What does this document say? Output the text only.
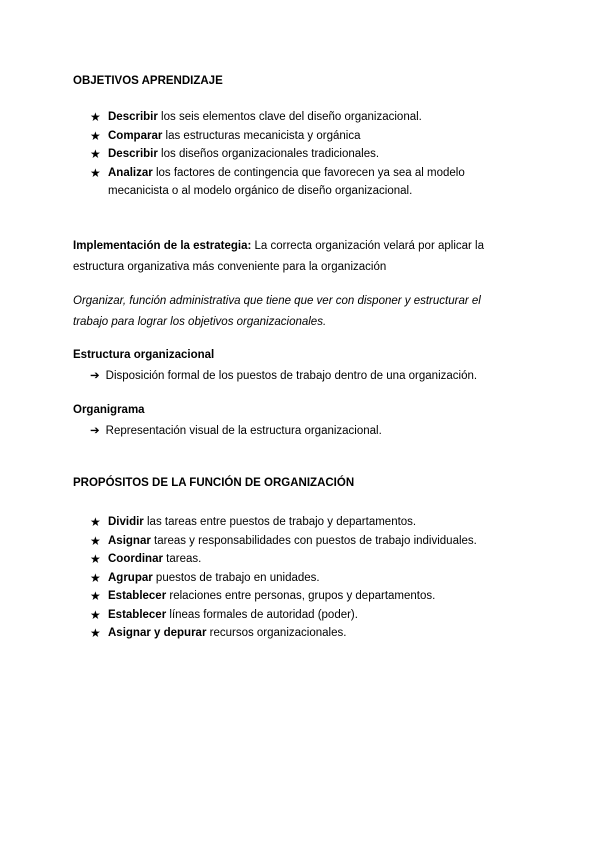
OBJETIVOS APRENDIZAJE
★ Describir los seis elementos clave del diseño organizacional.
★ Comparar las estructuras mecanicista y orgánica
★ Describir los diseños organizacionales tradicionales.
★ Analizar los factores de contingencia que favorecen ya sea al modelo mecanicista o al modelo orgánico de diseño organizacional.
Implementación de la estrategia: La correcta organización velará por aplicar la estructura organizativa más conveniente para la organización
Organizar, función administrativa que tiene que ver con disponer y estructurar el trabajo para lograr los objetivos organizacionales.
Estructura organizacional
➔ Disposición formal de los puestos de trabajo dentro de una organización.
Organigrama
➔ Representación visual de la estructura organizacional.
PROPÓSITOS DE LA FUNCIÓN DE ORGANIZACIÓN
★ Dividir las tareas entre puestos de trabajo y departamentos.
★ Asignar tareas y responsabilidades con puestos de trabajo individuales.
★ Coordinar tareas.
★ Agrupar puestos de trabajo en unidades.
★ Establecer relaciones entre personas, grupos y departamentos.
★ Establecer líneas formales de autoridad (poder).
★ Asignar y depurar recursos organizacionales.
